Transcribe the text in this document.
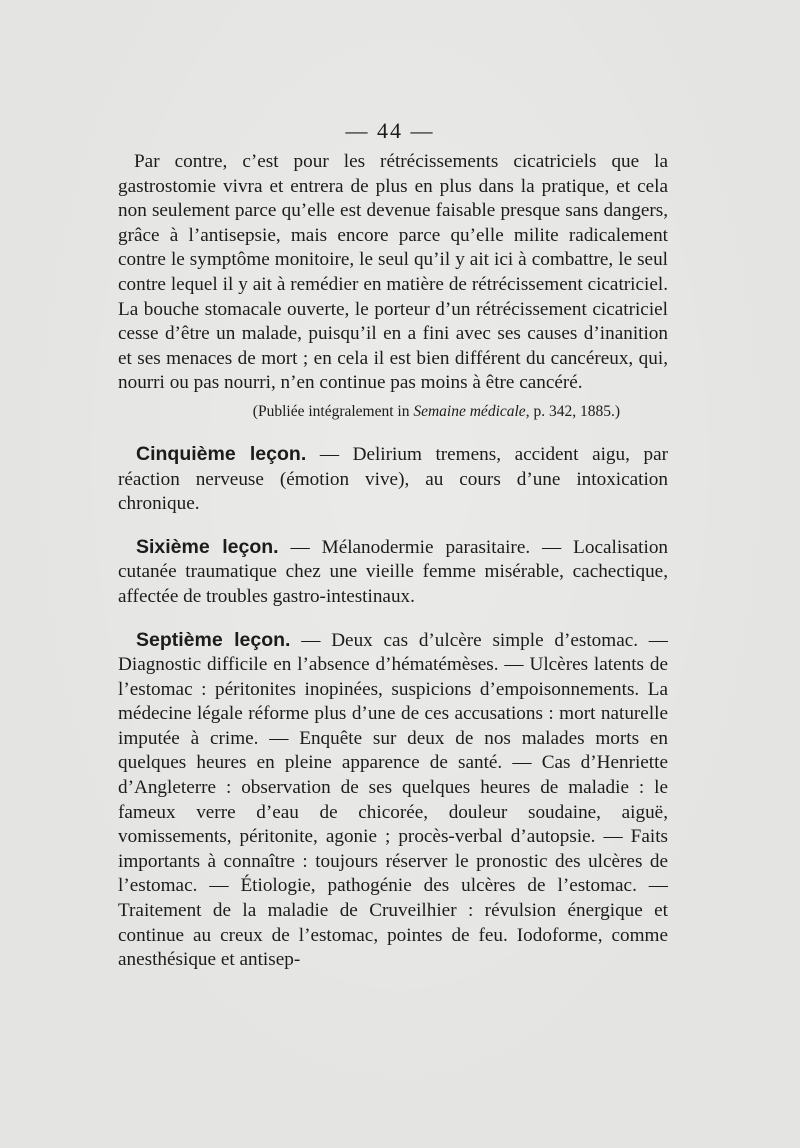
— 44 —

Par contre, c’est pour les rétrécissements cicatriciels que la gastrostomie vivra et entrera de plus en plus dans la pratique, et cela non seulement parce qu’elle est devenue faisable presque sans dangers, grâce à l’antisepsie, mais encore parce qu’elle milite radicalement contre le symptôme monitoire, le seul qu’il y ait ici à combattre, le seul contre lequel il y ait à remédier en matière de rétrécissement cicatriciel. La bouche stomacale ouverte, le porteur d’un rétrécissement cicatriciel cesse d’être un malade, puisqu’il en a fini avec ses causes d’inanition et ses menaces de mort ; en cela il est bien différent du cancéreux, qui, nourri ou pas nourri, n’en continue pas moins à être cancéré.

(Publiée intégralement in Semaine médicale, p. 342, 1885.)

Cinquième leçon. — Delirium tremens, accident aigu, par réaction nerveuse (émotion vive), au cours d’une intoxication chronique.

Sixième leçon. — Mélanodermie parasitaire. — Localisation cutanée traumatique chez une vieille femme misérable, cachectique, affectée de troubles gastro-intestinaux.

Septième leçon. — Deux cas d’ulcère simple d’estomac. — Diagnostic difficile en l’absence d’hématémèses. — Ulcères latents de l’estomac : péritonites inopinées, suspicions d’empoisonnements. La médecine légale réforme plus d’une de ces accusations : mort naturelle imputée à crime. — Enquête sur deux de nos malades morts en quelques heures en pleine apparence de santé. — Cas d’Henriette d’Angleterre : observation de ses quelques heures de maladie : le fameux verre d’eau de chicorée, douleur soudaine, aiguë, vomissements, péritonite, agonie ; procès-verbal d’autopsie. — Faits importants à connaître : toujours réserver le pronostic des ulcères de l’estomac. — Étiologie, pathogénie des ulcères de l’estomac. — Traitement de la maladie de Cruveilhier : révulsion énergique et continue au creux de l’estomac, pointes de feu. Iodoforme, comme anesthésique et antisep-
